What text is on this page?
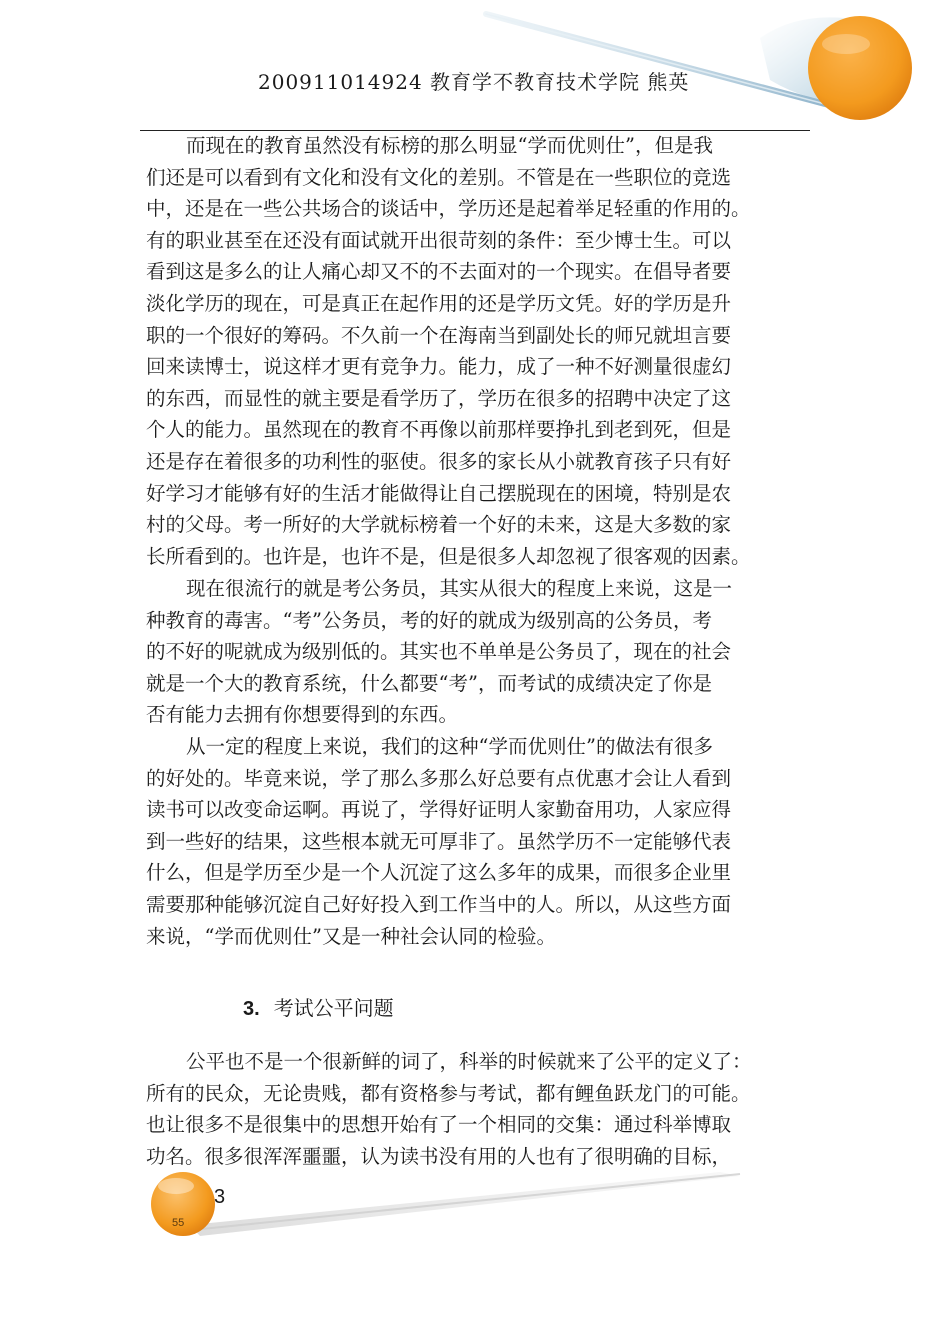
200911014924 教育学不教育技术学院 熊英
而现在的教育虽然没有标榜的那么明显“学而优则仕”，但是我
们还是可以看到有文化和没有文化的差别。不管是在一些职位的竞选
中，还是在一些公共场合的谈话中，学历还是起着举足轻重的作用的。
有的职业甚至在还没有面试就开出很苛刻的条件：至少博士生。可以
看到这是多么的让人痛心却又不的不去面对的一个现实。在倡导者要
淡化学历的现在，可是真正在起作用的还是学历文凭。好的学历是升
职的一个很好的筹码。不久前一个在海南当到副处长的师兄就坦言要
回来读博士，说这样才更有竞争力。能力，成了一种不好测量很虚幻
的东西，而显性的就主要是看学历了，学历在很多的招聘中决定了这
个人的能力。虽然现在的教育不再像以前那样要挣扎到老到死，但是
还是存在着很多的功利性的驱使。很多的家长从小就教育孩子只有好
好学习才能够有好的生活才能做得让自己摆脱现在的困境，特别是农
村的父母。考一所好的大学就标榜着一个好的未来，这是大多数的家
长所看到的。也许是，也许不是，但是很多人却忽视了很客观的因素。
现在很流行的就是考公务员，其实从很大的程度上来说，这是一
种教育的毒害。“考”公务员，考的好的就成为级别高的公务员，考
的不好的呢就成为级别低的。其实也不单单是公务员了，现在的社会
就是一个大的教育系统，什么都要“考”，而考试的成绩决定了你是
否有能力去拥有你想要得到的东西。
从一定的程度上来说，我们的这种“学而优则仕”的做法有很多
的好处的。毕竟来说，学了那么多那么好总要有点优惠才会让人看到
读书可以改变命运啊。再说了，学得好证明人家勤奋用功，人家应得
到一些好的结果，这些根本就无可厚非了。虽然学历不一定能够代表
什么，但是学历至少是一个人沉淀了这么多年的成果，而很多企业里
需要那种能够沉淀自己好好投入到工作当中的人。所以，从这些方面
来说，“学而优则仕”又是一种社会认同的检验。
3. 考试公平问题
公平也不是一个很新鲜的词了，科举的时候就来了公平的定义了：
所有的民众，无论贵贱，都有资格参与考试，都有鲤鱼跃龙门的可能。
也让很多不是很集中的思想开始有了一个相同的交集：通过科举博取
功名。很多很浑浑噩噩，认为读书没有用的人也有了很明确的目标，
3
55
